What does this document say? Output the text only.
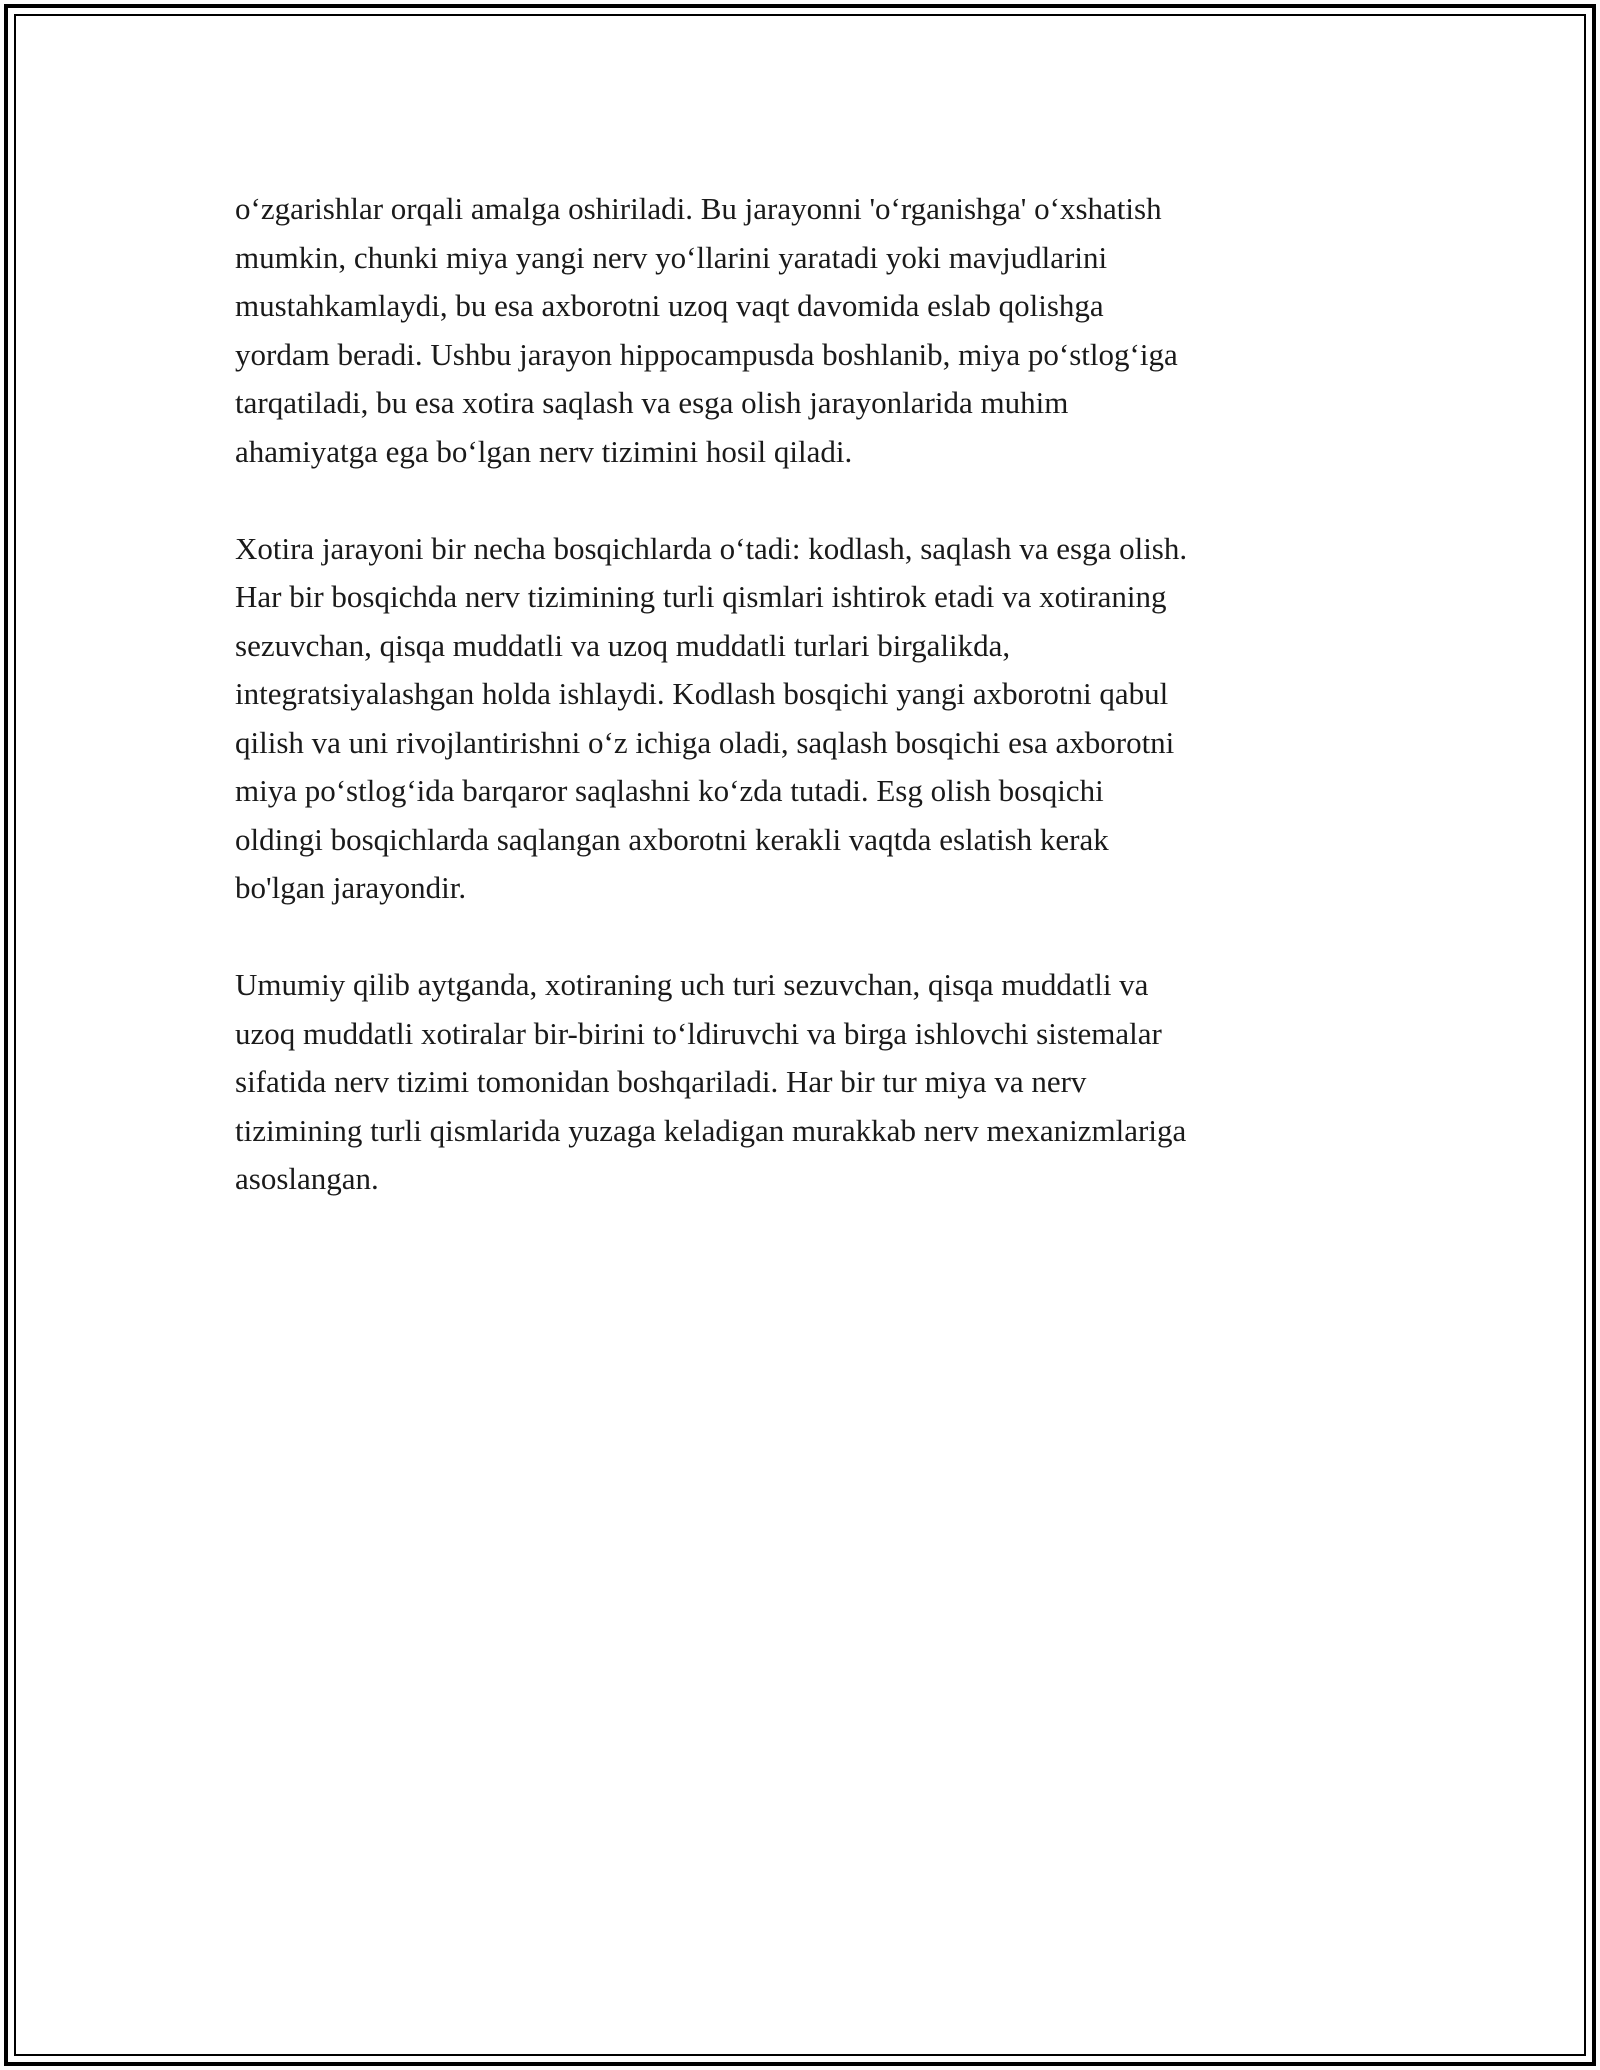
o‘zgarishlar orqali amalga oshiriladi. Bu jarayonni 'o‘rganishga' o‘xshatish
mumkin, chunki miya yangi nerv yo‘llarini yaratadi yoki mavjudlarini
mustahkamlaydi, bu esa axborotni uzoq vaqt davomida eslab qolishga
yordam beradi. Ushbu jarayon hippocampusda boshlanib, miya po‘stlog‘iga
tarqatiladi, bu esa xotira saqlash va esga olish jarayonlarida muhim
ahamiyatga ega bo‘lgan nerv tizimini hosil qiladi.

Xotira jarayoni bir necha bosqichlarda o‘tadi: kodlash, saqlash va esga olish.
Har bir bosqichda nerv tizimining turli qismlari ishtirok etadi va xotiraning
sezuvchan, qisqa muddatli va uzoq muddatli turlari birgalikda,
integratsiyalashgan holda ishlaydi. Kodlash bosqichi yangi axborotni qabul
qilish va uni rivojlantirishni o‘z ichiga oladi, saqlash bosqichi esa axborotni
miya po‘stlog‘ida barqaror saqlashni ko‘zda tutadi. Esg olish bosqichi
oldingi bosqichlarda saqlangan axborotni kerakli vaqtda eslatish kerak
bo'lgan jarayondir.

Umumiy qilib aytganda, xotiraning uch turi sezuvchan, qisqa muddatli va
uzoq muddatli xotiralar bir-birini to‘ldiruvchi va birga ishlovchi sistemalar
sifatida nerv tizimi tomonidan boshqariladi. Har bir tur miya va nerv
tizimining turli qismlarida yuzaga keladigan murakkab nerv mexanizmlariga
asoslangan.
